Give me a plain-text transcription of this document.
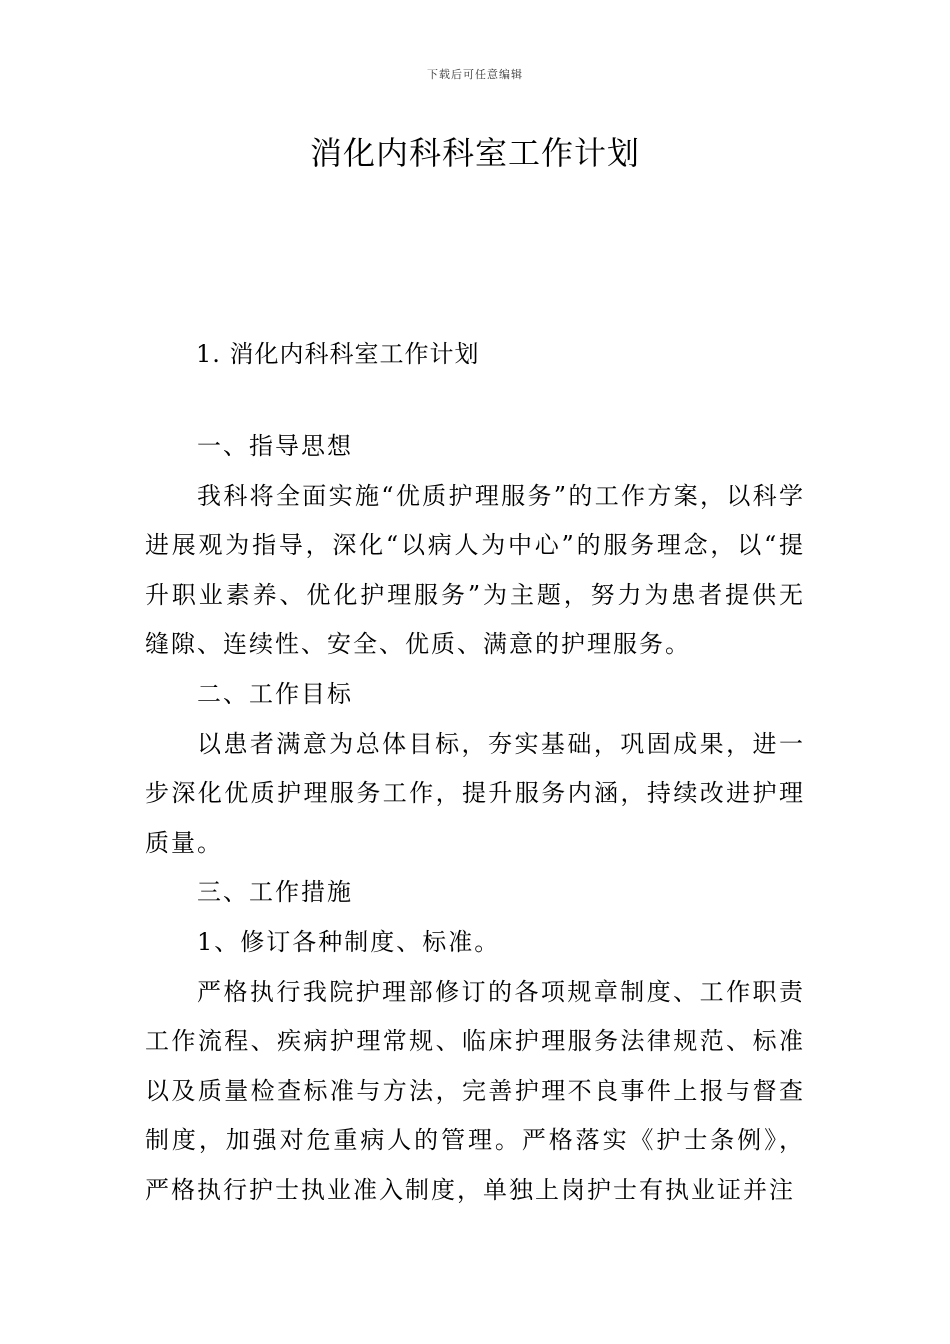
下载后可任意编辑
消化内科科室工作计划
1. 消化内科科室工作计划

一、指导思想

我科将全面实施“优质护理服务”的工作方案，以科学进展观为指导，深化“以病人为中心”的服务理念，以“提升职业素养、优化护理服务”为主题，努力为患者提供无缝隙、连续性、安全、优质、满意的护理服务。

二、工作目标

以患者满意为总体目标，夯实基础，巩固成果，进一步深化优质护理服务工作，提升服务内涵，持续改进护理质量。

三、工作措施

1、修订各种制度、标准。

严格执行我院护理部修订的各项规章制度、工作职责工作流程、疾病护理常规、临床护理服务法律规范、标准以及质量检查标准与方法，完善护理不良事件上报与督查制度，加强对危重病人的管理。严格落实《护士条例》，严格执行护士执业准入制度，单独上岗护士有执业证并注
